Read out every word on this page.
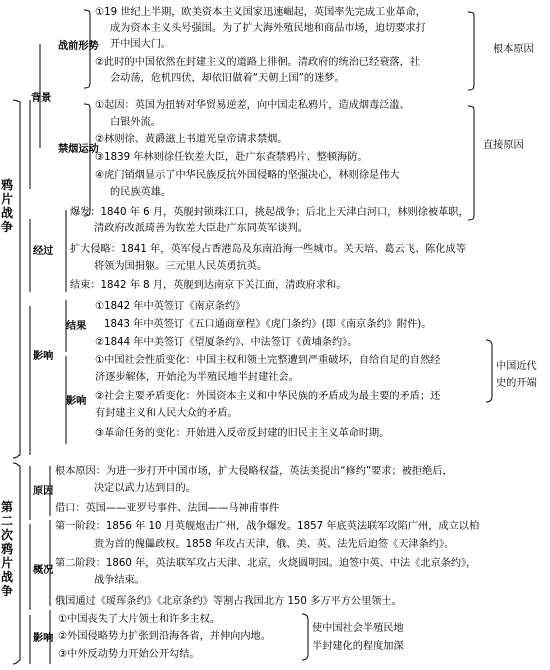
鸦片战争
背景
战前形势
①19 世纪上半期，欧美资本主义国家迅速崛起，英国率先完成工业革命，
成为资本主义头号强国。为了扩大海外殖民地和商品市场，迫切要求打
开中国大门。
②此时的中国依然在封建主义的道路上徘徊。清政府的统治已经衰落，社
会动荡，危机四伏，却依旧做着“天朝上国”的迷梦。
根本原因
禁烟运动
①起因：英国为扭转对华贸易逆差，向中国走私鸦片，造成烟毒泛滥、
白银外流。
②林则徐、黄爵滋上书道光皇帝请求禁烟。
③1839 年林则徐任钦差大臣，赴广东查禁鸦片、整顿海防。
④虎门销烟显示了中华民族反抗外国侵略的坚强决心，林则徐是伟大
的民族英雄。
直接原因
经过
爆发：1840 年 6 月，英舰封锁珠江口，挑起战争；后北上天津白河口，林则徐被革职，
清政府改派琦善为钦差大臣赴广东同英军谈判。
扩大侵略：1841 年，英军侵占香港岛及东南沿海一些城市。关天培、葛云飞、陈化成等
将领为国捐躯。三元里人民英勇抗英。
结束：1842 年 8 月，英舰到达南京下关江面，清政府求和。
影响
结果
①1842 年中英签订《南京条约》
1843 年中英签订《五口通商章程》《虎门条约》(即《南京条约》附件)。
②1844 年中美签订《望厦条约》、中法签订《黄埔条约》。
影响
①中国社会性质变化：中国主权和领土完整遭到严重破坏，自给自足的自然经
济逐步解体，开始沦为半殖民地半封建社会。
②社会主要矛盾变化：外国资本主义和中华民族的矛盾成为最主要的矛盾；还
有封建主义和人民大众的矛盾。
③革命任务的变化：开始进入反帝反封建的旧民主主义革命时期。
中国近代
史的开端
第二次鸦片战争
原因
根本原因：为进一步打开中国市场，扩大侵略权益，英法美提出“修约”要求；被拒绝后，
决定以武力达到目的。
借口：英国——亚罗号事件、法国——马神甫事件
概况
第一阶段：1856 年 10 月英舰炮击广州，战争爆发。1857 年底英法联军攻陷广州，成立以柏
贵为首的傀儡政权。1858 年攻占天津，俄、美、英、法先后迫签《天津条约》。
第二阶段：1860 年，英法联军攻占天津、北京，火烧圆明园。迫签中英、中法《北京条约》，
战争结束。
俄国通过《瑷珲条约》《北京条约》等割占我国北方 150 多万平方公里领土。
影响
①中国丧失了大片领土和许多主权。
②外国侵略势力扩张到沿海各省，并伸向内地。
③中外反动势力开始公开勾结。
使中国社会半殖民地
半封建化的程度加深
